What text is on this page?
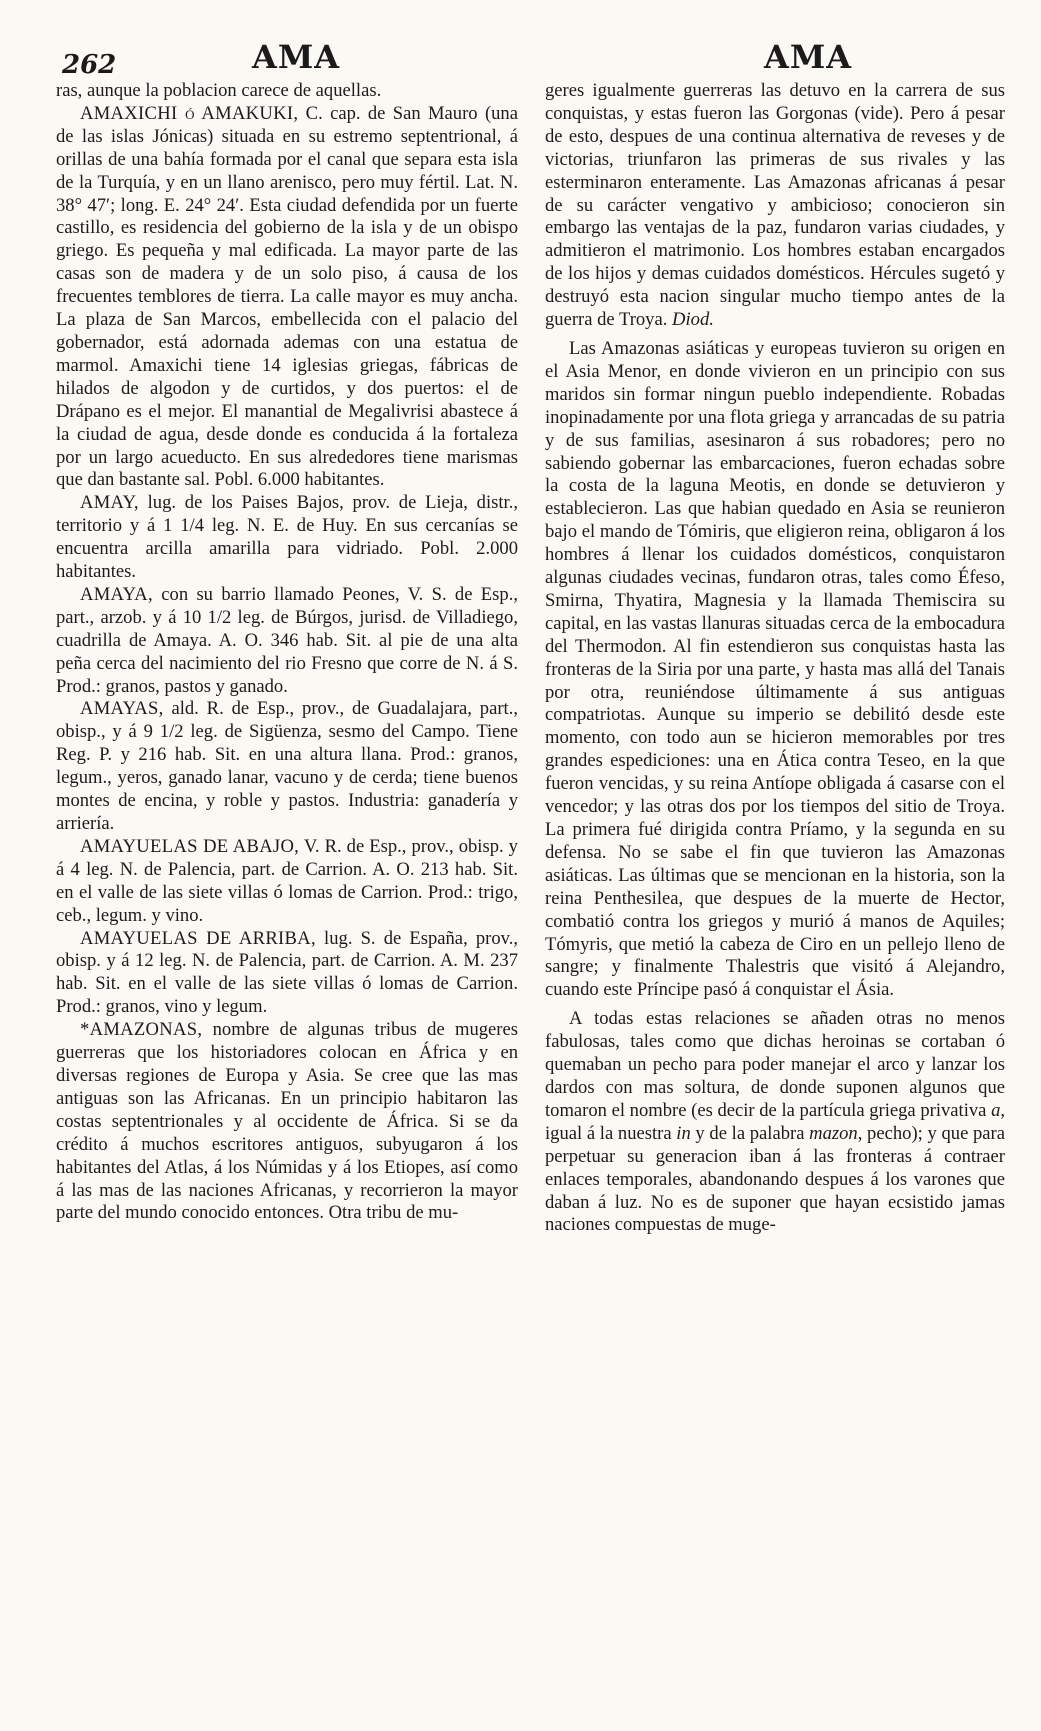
262	AMA	AMA

ras, aunque la poblacion carece de aquellas.

AMAXICHI ó AMAKUKI, C. cap. de San Mauro (una de las islas Jónicas) situada en su estremo septentrional, á orillas de una bahía formada por el canal que separa esta isla de la Turquía, y en un llano arenisco, pero muy fértil. Lat. N. 38° 47′; long. E. 24° 24′. Esta ciudad defendida por un fuerte castillo, es residencia del gobierno de la isla y de un obispo griego. Es pequeña y mal edificada. La mayor parte de las casas son de madera y de un solo piso, á causa de los frecuentes temblores de tierra. La calle mayor es muy ancha. La plaza de San Marcos, embellecida con el palacio del gobernador, está adornada ademas con una estatua de marmol. Amaxichi tiene 14 iglesias griegas, fábricas de hilados de algodon y de curtidos, y dos puertos: el de Drápano es el mejor. El manantial de Megalivrisi abastece á la ciudad de agua, desde donde es conducida á la fortaleza por un largo acueducto. En sus alrededores tiene marismas que dan bastante sal. Pobl. 6.000 habitantes.

AMAY, lug. de los Paises Bajos, prov. de Lieja, distr., territorio y á 1 1/4 leg. N. E. de Huy. En sus cercanías se encuentra arcilla amarilla para vidriado. Pobl. 2.000 habitantes.

AMAYA, con su barrio llamado Peones, V. S. de Esp., part., arzob. y á 10 1/2 leg. de Búrgos, jurisd. de Villadiego, cuadrilla de Amaya. A. O. 346 hab. Sit. al pie de una alta peña cerca del nacimiento del rio Fresno que corre de N. á S. Prod.: granos, pastos y ganado.

AMAYAS, ald. R. de Esp., prov., de Guadalajara, part., obisp., y á 9 1/2 leg. de Sigüenza, sesmo del Campo. Tiene Reg. P. y 216 hab. Sit. en una altura llana. Prod.: granos, legum., yeros, ganado lanar, vacuno y de cerda; tiene buenos montes de encina, y roble y pastos. Industria: ganadería y arriería.

AMAYUELAS DE ABAJO, V. R. de Esp., prov., obisp. y á 4 leg. N. de Palencia, part. de Carrion. A. O. 213 hab. Sit. en el valle de las siete villas ó lomas de Carrion. Prod.: trigo, ceb., legum. y vino.

AMAYUELAS DE ARRIBA, lug. S. de España, prov., obisp. y á 12 leg. N. de Palencia, part. de Carrion. A. M. 237 hab. Sit. en el valle de las siete villas ó lomas de Carrion. Prod.: granos, vino y legum.

*AMAZONAS, nombre de algunas tribus de mugeres guerreras que los historiadores colocan en África y en diversas regiones de Europa y Asia. Se cree que las mas antiguas son las Africanas. En un principio habitaron las costas septentrionales y al occidente de África. Si se da crédito á muchos escritores antiguos, subyugaron á los habitantes del Atlas, á los Númidas y á los Etiopes, así como á las mas de las naciones Africanas, y recorrieron la mayor parte del mundo conocido entonces. Otra tribu de mu-

geres igualmente guerreras las detuvo en la carrera de sus conquistas, y estas fueron las Gorgonas (vide). Pero á pesar de esto, despues de una continua alternativa de reveses y de victorias, triunfaron las primeras de sus rivales y las esterminaron enteramente. Las Amazonas africanas á pesar de su carácter vengativo y ambicioso; conocieron sin embargo las ventajas de la paz, fundaron varias ciudades, y admitieron el matrimonio. Los hombres estaban encargados de los hijos y demas cuidados domésticos. Hércules sugetó y destruyó esta nacion singular mucho tiempo antes de la guerra de Troya. Diod.

Las Amazonas asiáticas y europeas tuvieron su origen en el Asia Menor, en donde vivieron en un principio con sus maridos sin formar ningun pueblo independiente. Robadas inopinadamente por una flota griega y arrancadas de su patria y de sus familias, asesinaron á sus robadores; pero no sabiendo gobernar las embarcaciones, fueron echadas sobre la costa de la laguna Meotis, en donde se detuvieron y establecieron. Las que habian quedado en Asia se reunieron bajo el mando de Tómiris, que eligieron reina, obligaron á los hombres á llenar los cuidados domésticos, conquistaron algunas ciudades vecinas, fundaron otras, tales como Éfeso, Smirna, Thyatira, Magnesia y la llamada Themiscira su capital, en las vastas llanuras situadas cerca de la embocadura del Thermodon. Al fin estendieron sus conquistas hasta las fronteras de la Siria por una parte, y hasta mas allá del Tanais por otra, reuniéndose últimamente á sus antiguas compatriotas. Aunque su imperio se debilitó desde este momento, con todo aun se hicieron memorables por tres grandes espediciones: una en Ática contra Teseo, en la que fueron vencidas, y su reina Antíope obligada á casarse con el vencedor; y las otras dos por los tiempos del sitio de Troya. La primera fué dirigida contra Príamo, y la segunda en su defensa. No se sabe el fin que tuvieron las Amazonas asiáticas. Las últimas que se mencionan en la historia, son la reina Penthesilea, que despues de la muerte de Hector, combatió contra los griegos y murió á manos de Aquiles; Tómyris, que metió la cabeza de Ciro en un pellejo lleno de sangre; y finalmente Thalestris que visitó á Alejandro, cuando este Príncipe pasó á conquistar el Ásia.

A todas estas relaciones se añaden otras no menos fabulosas, tales como que dichas heroinas se cortaban ó quemaban un pecho para poder manejar el arco y lanzar los dardos con mas soltura, de donde suponen algunos que tomaron el nombre (es decir de la partícula griega privativa a, igual á la nuestra in y de la palabra mazon, pecho); y que para perpetuar su generacion iban á las fronteras á contraer enlaces temporales, abandonando despues á los varones que daban á luz. No es de suponer que hayan ecsistido jamas naciones compuestas de muge-
